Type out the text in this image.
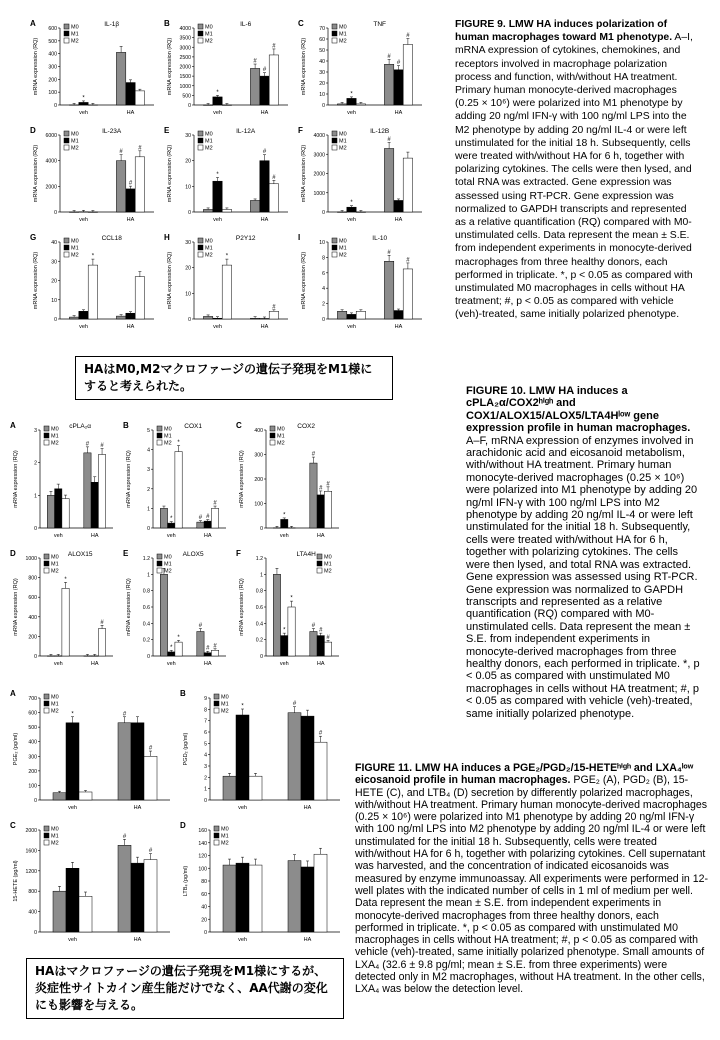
A	IL-1β
mRNA expression (RQ)
0
100
200
300
400
500
600
veh
*
HA
M0
M1
M2
B	IL-6
mRNA expression (RQ)
0
500
1000
1500
2000
2500
3000
3500
4000
veh
*
HA
#
#
#
M0
M1
M2
C	TNF
mRNA expression (RQ)
0
10
20
30
40
50
60
70
veh
*
HA
#
#
#
M0
M1
M2
D	IL-23A
mRNA expression (RQ)
0
2000
4000
6000
veh	HA
#
#
#
M0
M1
M2
E	IL-12A
mRNA expression (RQ)
0
10
20
30
veh
*
HA
#
#
M0
M1
M2
F	IL-12B
mRNA expression (RQ)
0
1000
2000
3000
4000
veh
*
HA
#
M0
M1
M2
G	CCL18
mRNA expression (RQ)
0
10
20
30
40
veh
*
HA
M0
M1
M2
H	P2Y12
mRNA expression (RQ)
0
10
20
30
veh
*
HA
#
M0
M1
M2
I	IL-10
mRNA expression (RQ)
0
2
4
6
8
10
veh	HA
#
#
M0
M1
M2
A	cPLA₂α
mRNA expression (RQ)
0
1
2
3
veh	HA
# #
M0
M1
M2
B	COX1
mRNA expression (RQ)
0
1
2
3
4
5
veh
*
*
HA
# #
#
M0
M1
M2
C	COX2
mRNA expression (RQ)
0
100
200
300
400
veh
*
HA
#
#
#
M0
M1
M2
D	ALOX15
mRNA expression (RQ)
0
200
400
600
800
1000
veh
*
HA
#
M0
M1
M2
E	ALOX5
mRNA expression (RQ)
0
0.2
0.4
0.6
0.8
1
1.2
veh
*
*
HA
#
# #
M0
M1
M2
F	LTA4H
mRNA expression (RQ)
0
0.2
0.4
0.6
0.8
1
1.2
veh
*
*
HA
#
#
#
M0
M1
M2
A
PGE₂ (pg/ml)
0
100
200
300
400
500
600
700
veh
*
HA
#
#
M0
M1
M2
B
PGD₂ (pg/ml)
0
1
2
3
4
5
6
7
8
9
veh
*
HA
#
#
M0
M1
M2
C
15-HETE (pg/ml)
0
400
800
1200
1600
2000
veh	HA
#
#
M0
M1
M2
D
LTB₄ (pg/ml)
0
20
40
60
80
100
120
140
160
veh	HA
M0
M1
M2
FIGURE 9. LMW HA induces polarization of human macrophages toward M1 phenotype. A–I, mRNA expression of cytokines, chemokines, and receptors involved in macrophage polarization process and function, with/without HA treatment. Primary human monocyte-derived macrophages (0.25 × 10⁶) were polarized into M1 phenotype by adding 20 ng/ml IFN-γ with 100 ng/ml LPS into the M2 phenotype by adding 20 ng/ml IL-4 or were left unstimulated for the initial 18 h. Subsequently, cells were treated with/without HA for 6 h, together with polarizing cytokines. The cells were then lysed, and total RNA was extracted. Gene expression was assessed using RT-PCR. Gene expression was normalized to GAPDH transcripts and represented as a relative quantification (RQ) compared with M0-unstimulated cells. Data represent the mean ± S.E. from independent experiments in monocyte-derived macrophages from three healthy donors, each performed in triplicate. *, p < 0.05 as compared with unstimulated M0 macrophages in cells without HA treatment; #, p < 0.05 as compared with vehicle (veh)-treated, same initially polarized phenotype.
HAはM0,M2マクロファージの遺伝子発現をM1様にすると考えられた。	FIGURE 10. LMW HA induces a cPLA₂α/COX2ʰⁱᵍʰ and COX1/ALOX15/ALOX5/LTA4Hˡᵒʷ gene expression profile in human macrophages. A–F, mRNA expression of enzymes involved in arachidonic acid and eicosanoid metabolism, with/without HA treatment. Primary human monocyte-derived macrophages (0.25 × 10⁶) were polarized into M1 phenotype by adding 20 ng/ml IFN-γ with 100 ng/ml LPS into M2 phenotype by adding 20 ng/ml IL-4 or were left unstimulated for the initial 18 h. Subsequently, cells were treated with/without HA for 6 h, together with polarizing cytokines. The cells were then lysed, and total RNA was extracted. Gene expression was assessed using RT-PCR. Gene expression was normalized to GAPDH transcripts and represented as a relative quantification (RQ) compared with M0-unstimulated cells. Data represent the mean ± S.E. from independent experiments in monocyte-derived macrophages from three healthy donors, each performed in triplicate. *, p < 0.05 as compared with unstimulated M0 macrophages in cells without HA treatment; #, p < 0.05 as compared with vehicle (veh)-treated, same initially polarized phenotype.
FIGURE 11. LMW HA induces a PGE₂/PGD₂/15-HETEʰⁱᵍʰ and LXA₄ˡᵒʷ eicosanoid profile in human macrophages. PGE₂ (A), PGD₂ (B), 15-HETE (C), and LTB₄ (D) secretion by differently polarized macrophages, with/without HA treatment. Primary human monocyte-derived macrophages (0.25 × 10⁶) were polarized into M1 phenotype by adding 20 ng/ml IFN-γ with 100 ng/ml LPS into M2 phenotype by adding 20 ng/ml IL-4 or were left unstimulated for the initial 18 h. Subsequently, cells were treated with/without HA for 6 h, together with polarizing cytokines. Cell supernatant was harvested, and the concentration of indicated eicosanoids was measured by enzyme immunoassay. All experiments were performed in 12-well plates with the indicated number of cells in 1 ml of medium per well. Data represent the mean ± S.E. from independent experiments in monocyte-derived macrophages from three healthy donors, each performed in triplicate. *, p < 0.05 as compared with unstimulated M0 macrophages in cells without HA treatment; #, p < 0.05 as compared with vehicle (veh)-treated, same initially polarized phenotype. Small amounts of LXA₄ (32.6 ± 9.8 pg/ml; mean ± S.E. from three experiments) were detected only in M2 macrophages, without HA treatment. In the other cells, LXA₄ was below the detection level.
HAはマクロファージの遺伝子発現をM1様にするが、炎症性サイトカイン産生能だけでなく、AA代謝の変化にも影響を与える。
